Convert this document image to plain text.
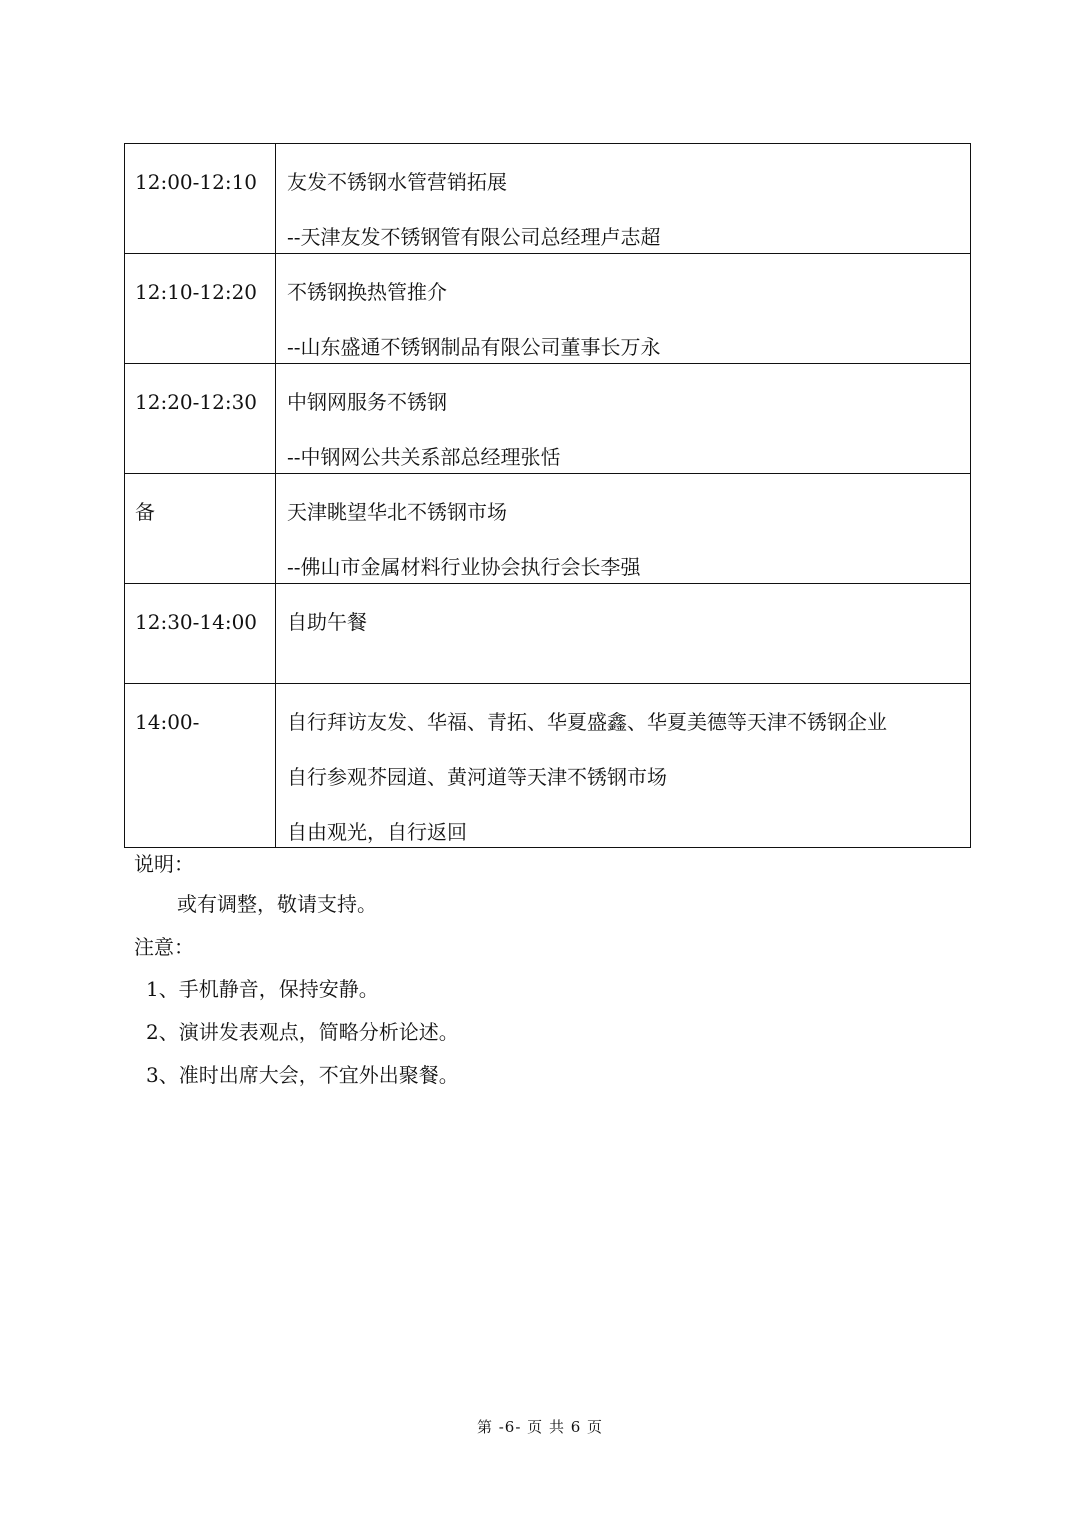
12:00-12:10	友发不锈钢水管营销拓展
--天津友发不锈钢管有限公司总经理卢志超

12:10-12:20	不锈钢换热管推介
--山东盛通不锈钢制品有限公司董事长万永

12:20-12:30	中钢网服务不锈钢
--中钢网公共关系部总经理张恬

备	天津眺望华北不锈钢市场
--佛山市金属材料行业协会执行会长李强

12:30-14:00	自助午餐

14:00-	自行拜访友发、华福、青拓、华夏盛鑫、华夏美德等天津不锈钢企业
自行参观芥园道、黄河道等天津不锈钢市场
自由观光，自行返回
说明：
或有调整，敬请支持。
注意：
1、手机静音，保持安静。
2、演讲发表观点，简略分析论述。
3、准时出席大会，不宜外出聚餐。
第 -6- 页 共 6 页
